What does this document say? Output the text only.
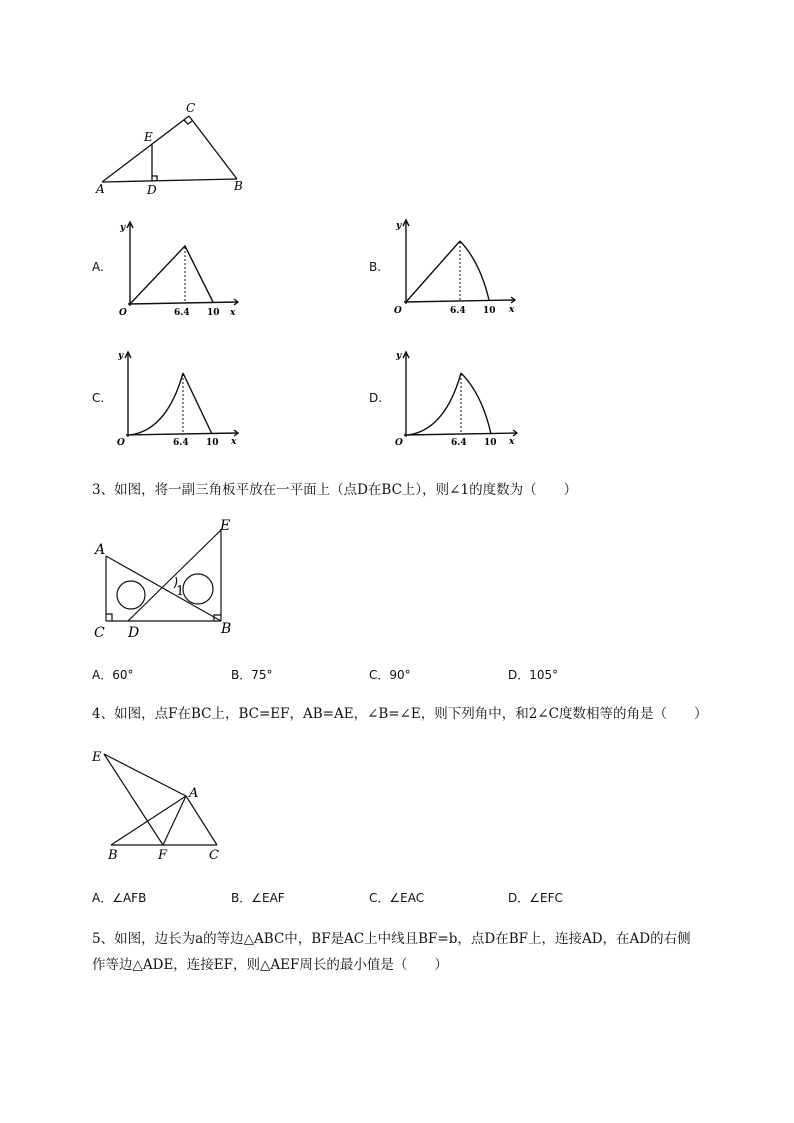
A	B
C
D
E
A.
y
x
O	6.4 10
B.
y
x
O	6.4 10
C.
y
x
O	6.4 10
D.
y
x
O	6.4 10
3、如图，将一副三角板平放在一平面上（点D在BC上），则∠1的度数为（　　）
A
E
C D	B
1
A．60°	B．75°	C．90°	D．105°
4、如图，点F在BC上，BC=EF，AB=AE，∠B=∠E，则下列角中，和2∠C度数相等的角是（　　）
E
A
B	F	C
A．∠AFB	B．∠EAF	C．∠EAC	D．∠EFC
5、如图，边长为a的等边△ABC中，BF是AC上中线且BF=b，点D在BF上，连接AD，在AD的右侧
作等边△ADE，连接EF，则△AEF周长的最小值是（　　）
